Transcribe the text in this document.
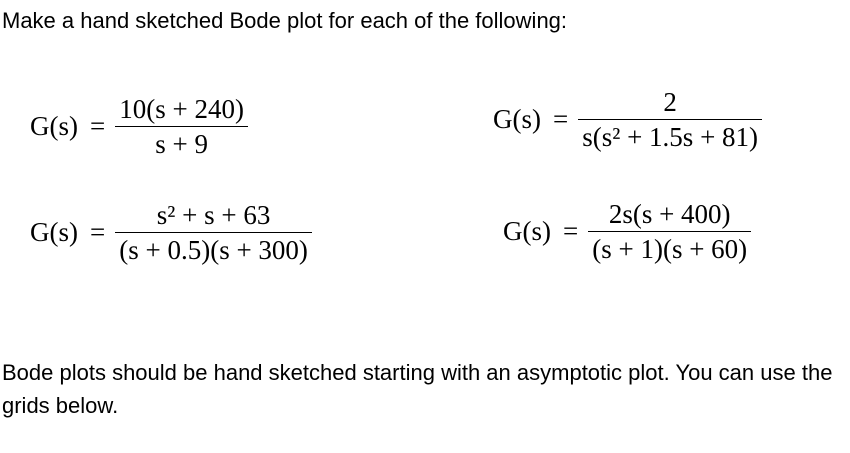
Make a hand sketched Bode plot for each of the following:
$G(s) = \frac{10(s + 240)}{s + 9}$	$G(s) = \frac{2}{\text{s(s² + 1.5s + 81)}}$
$G(s) = \frac{\text{s² + s + 63}}{(s + 0.5)(s + 300)}$	$G(s) = \frac{2s(s + 400)}{(s + 1)(s + 60)}$
Bode plots should be hand sketched starting with an asymptotic plot. You can use the grids below.
